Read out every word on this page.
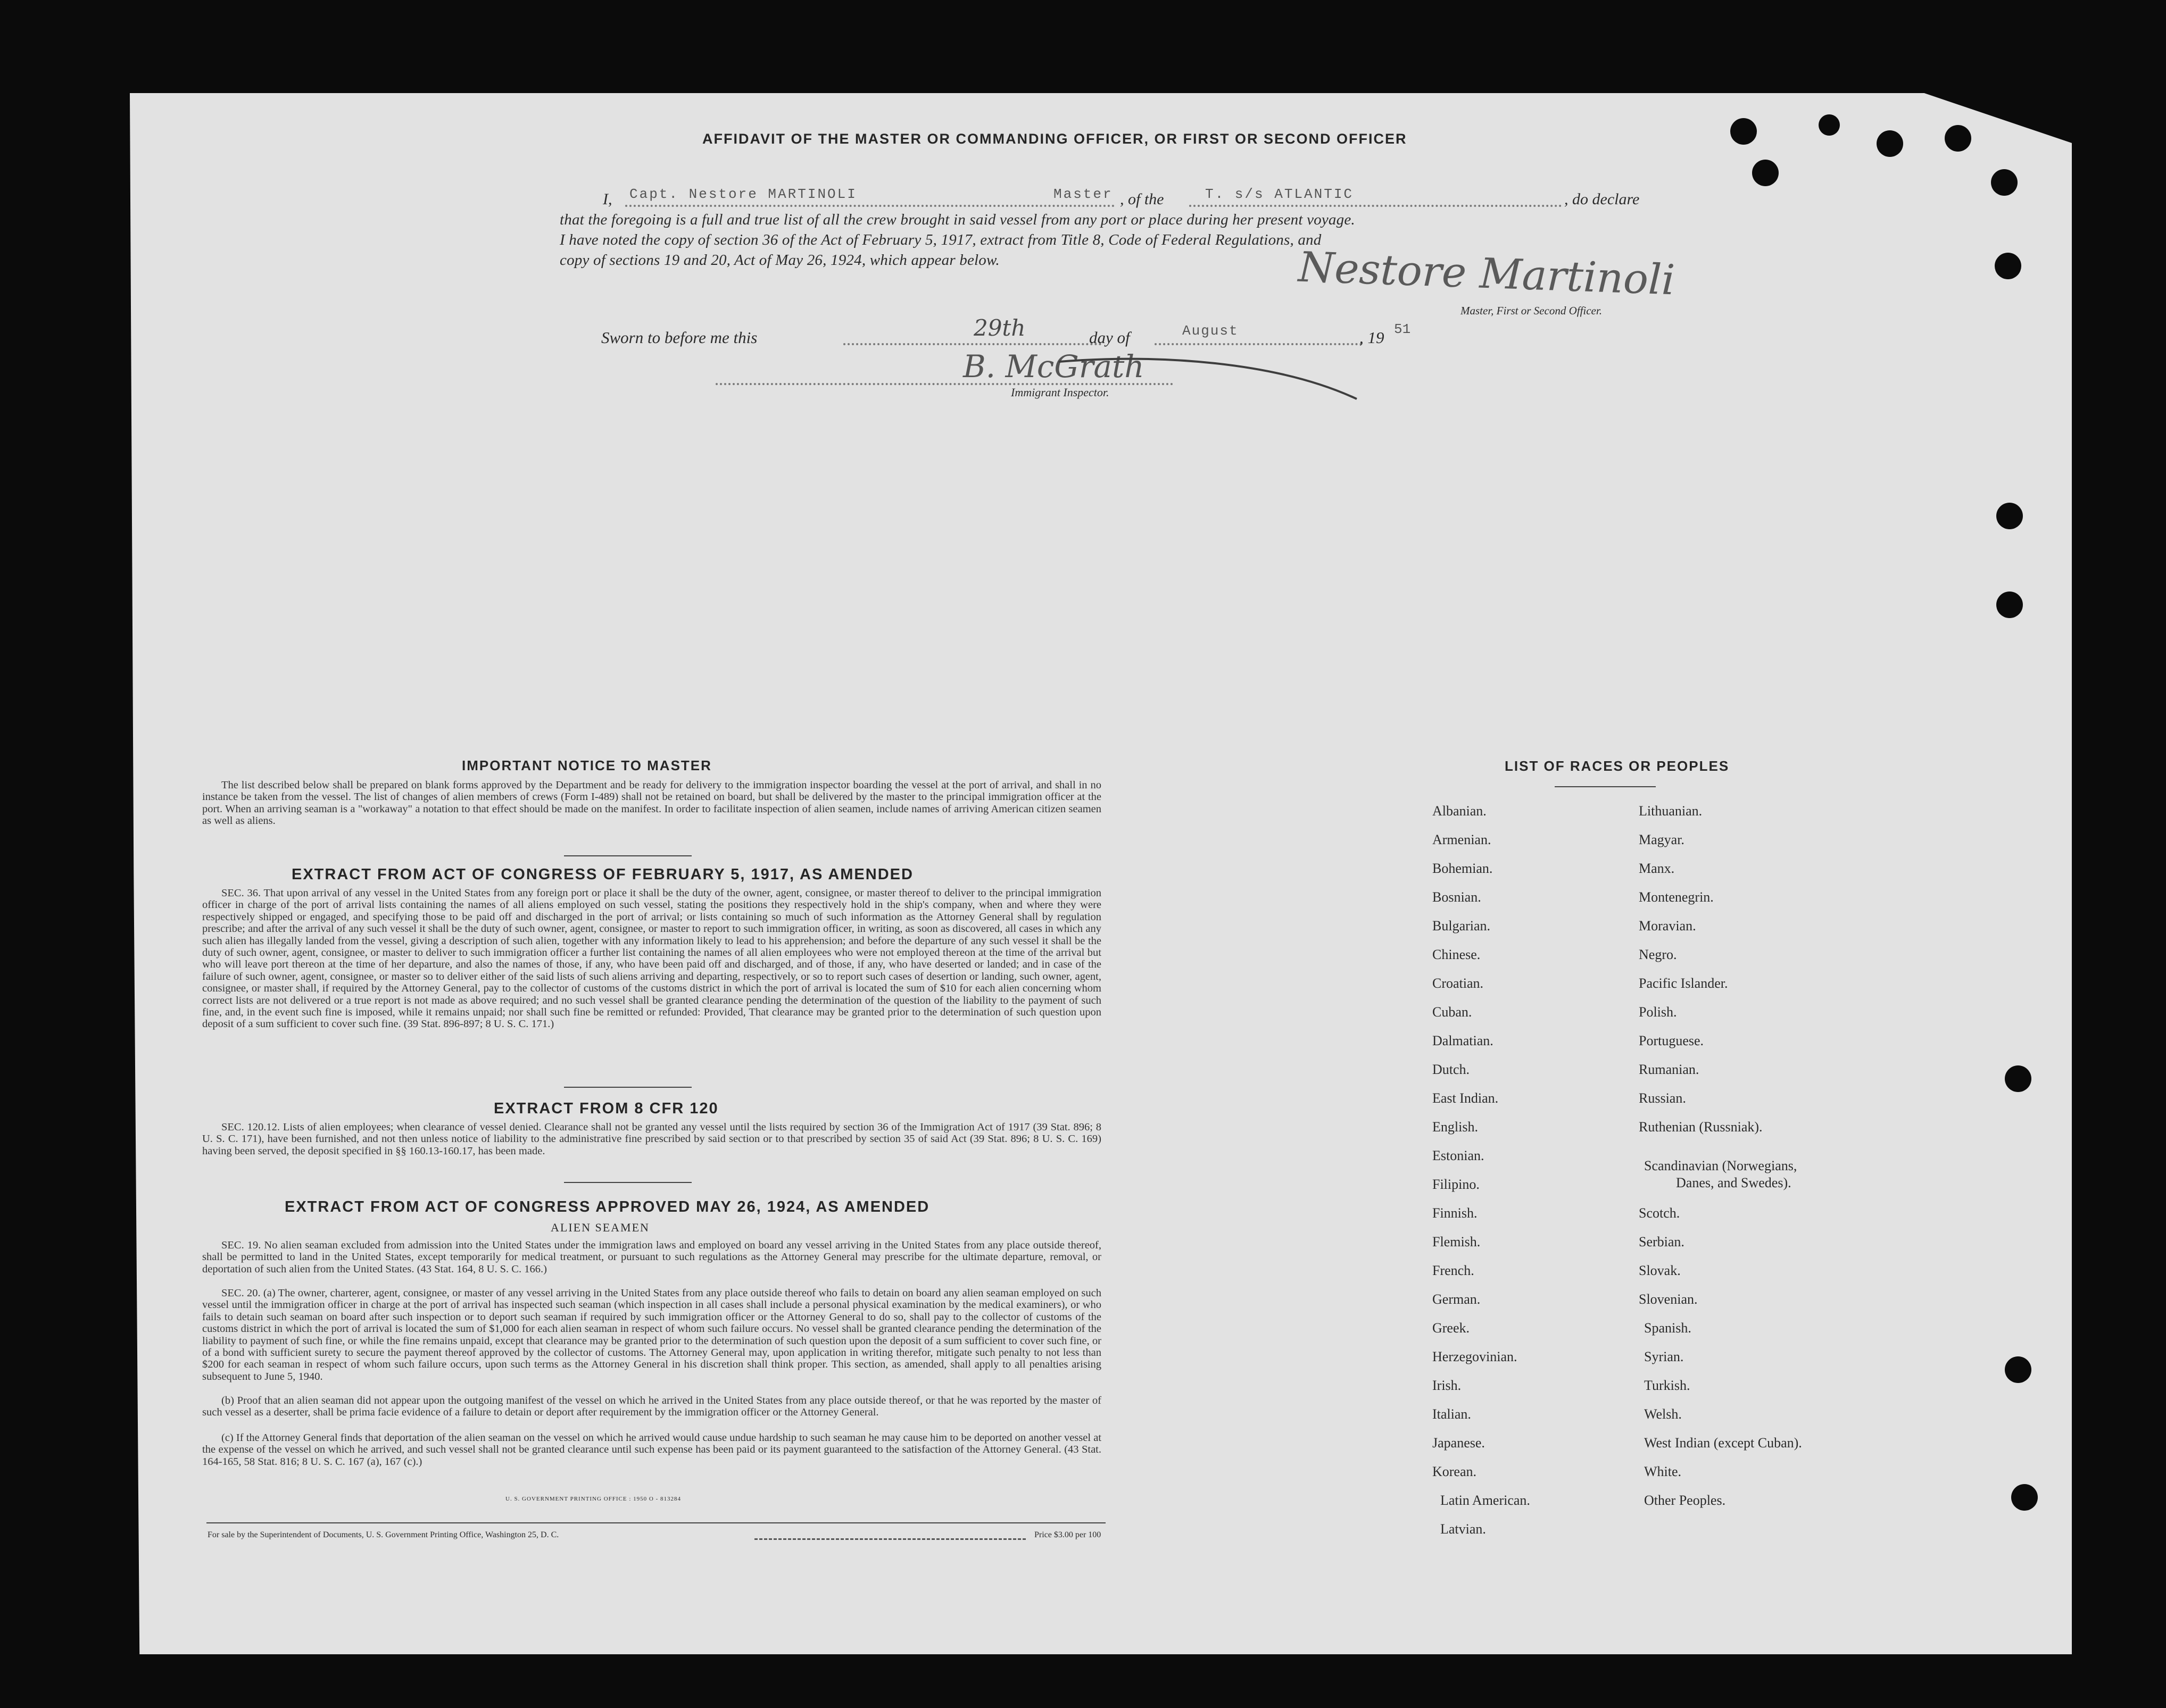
AFFIDAVIT OF THE MASTER OR COMMANDING OFFICER, OR FIRST OR SECOND OFFICER
I, Capt. Nestore MARTINOLI	Master , of the	T. s/s ATLANTIC	, do declare
that the foregoing is a full and true list of all the crew brought in said vessel from any port or place during her present voyage.
I have noted the copy of section 36 of the Act of February 5, 1917, extract from Title 8, Code of Federal Regulations, and
copy of sections 19 and 20, Act of May 26, 1924, which appear below.	Nestore Martinoli
Master, First or Second Officer.
Sworn to before me this	29th	day of	August	, 19 51
B. McGrath
Immigrant Inspector.
IMPORTANT NOTICE TO MASTER
The list described below shall be prepared on blank forms approved by the Department and be ready for delivery to the immigration inspector boarding the vessel at the port of arrival, and shall in no instance be taken from the vessel. The list of changes of alien members of crews (Form I-489) shall not be retained on board, but shall be delivered by the master to the principal immigration officer at the port. When an arriving seaman is a "workaway" a notation to that effect should be made on the manifest. In order to facilitate inspection of alien seamen, include names of arriving American citizen seamen as well as aliens.
EXTRACT FROM ACT OF CONGRESS OF FEBRUARY 5, 1917, AS AMENDED
SEC. 36. That upon arrival of any vessel in the United States from any foreign port or place it shall be the duty of the owner, agent, consignee, or master thereof to deliver to the principal immigration officer in charge of the port of arrival lists containing the names of all aliens employed on such vessel, stating the positions they respectively hold in the ship's company, when and where they were respectively shipped or engaged, and specifying those to be paid off and discharged in the port of arrival; or lists containing so much of such information as the Attorney General shall by regulation prescribe; and after the arrival of any such vessel it shall be the duty of such owner, agent, consignee, or master to report to such immigration officer, in writing, as soon as discovered, all cases in which any such alien has illegally landed from the vessel, giving a description of such alien, together with any information likely to lead to his apprehension; and before the departure of any such vessel it shall be the duty of such owner, agent, consignee, or master to deliver to such immigration officer a further list containing the names of all alien employees who were not employed thereon at the time of the arrival but who will leave port thereon at the time of her departure, and also the names of those, if any, who have been paid off and discharged, and of those, if any, who have deserted or landed; and in case of the failure of such owner, agent, consignee, or master so to deliver either of the said lists of such aliens arriving and departing, respectively, or so to report such cases of desertion or landing, such owner, agent, consignee, or master shall, if required by the Attorney General, pay to the collector of customs of the customs district in which the port of arrival is located the sum of $10 for each alien concerning whom correct lists are not delivered or a true report is not made as above required; and no such vessel shall be granted clearance pending the determination of the question of the liability to the payment of such fine, and, in the event such fine is imposed, while it remains unpaid; nor shall such fine be remitted or refunded: Provided, That clearance may be granted prior to the determination of such question upon deposit of a sum sufficient to cover such fine. (39 Stat. 896-897; 8 U. S. C. 171.)
EXTRACT FROM 8 CFR 120
SEC. 120.12. Lists of alien employees; when clearance of vessel denied. Clearance shall not be granted any vessel until the lists required by section 36 of the Immigration Act of 1917 (39 Stat. 896; 8 U. S. C. 171), have been furnished, and not then unless notice of liability to the administrative fine prescribed by said section or to that prescribed by section 35 of said Act (39 Stat. 896; 8 U. S. C. 169) having been served, the deposit specified in §§ 160.13-160.17, has been made.
EXTRACT FROM ACT OF CONGRESS APPROVED MAY 26, 1924, AS AMENDED
ALIEN SEAMEN
SEC. 19. No alien seaman excluded from admission into the United States under the immigration laws and employed on board any vessel arriving in the United States from any place outside thereof, shall be permitted to land in the United States, except temporarily for medical treatment, or pursuant to such regulations as the Attorney General may prescribe for the ultimate departure, removal, or deportation of such alien from the United States. (43 Stat. 164, 8 U. S. C. 166.)
SEC. 20. (a) The owner, charterer, agent, consignee, or master of any vessel arriving in the United States from any place outside thereof who fails to detain on board any alien seaman employed on such vessel until the immigration officer in charge at the port of arrival has inspected such seaman (which inspection in all cases shall include a personal physical examination by the medical examiners), or who fails to detain such seaman on board after such inspection or to deport such seaman if required by such immigration officer or the Attorney General to do so, shall pay to the collector of customs of the customs district in which the port of arrival is located the sum of $1,000 for each alien seaman in respect of whom such failure occurs. No vessel shall be granted clearance pending the determination of the liability to payment of such fine, or while the fine remains unpaid, except that clearance may be granted prior to the determination of such question upon the deposit of a sum sufficient to cover such fine, or of a bond with sufficient surety to secure the payment thereof approved by the collector of customs. The Attorney General may, upon application in writing therefor, mitigate such penalty to not less than $200 for each seaman in respect of whom such failure occurs, upon such terms as the Attorney General in his discretion shall think proper. This section, as amended, shall apply to all penalties arising subsequent to June 5, 1940.
(b) Proof that an alien seaman did not appear upon the outgoing manifest of the vessel on which he arrived in the United States from any place outside thereof, or that he was reported by the master of such vessel as a deserter, shall be prima facie evidence of a failure to detain or deport after requirement by the immigration officer or the Attorney General.
(c) If the Attorney General finds that deportation of the alien seaman on the vessel on which he arrived would cause undue hardship to such seaman he may cause him to be deported on another vessel at the expense of the vessel on which he arrived, and such vessel shall not be granted clearance until such expense has been paid or its payment guaranteed to the satisfaction of the Attorney General. (43 Stat. 164-165, 58 Stat. 816; 8 U. S. C. 167 (a), 167 (c).)
U. S. GOVERNMENT PRINTING OFFICE : 1950 O - 813284
For sale by the Superintendent of Documents, U. S. Government Printing Office, Washington 25, D. C.	Price $3.00 per 100
LIST OF RACES OR PEOPLES
Albanian.
Armenian.
Bohemian.
Bosnian.
Bulgarian.
Chinese.
Croatian.
Cuban.
Dalmatian.
Dutch.
East Indian.
English.
Estonian.
Filipino.
Finnish.
Flemish.
French.
German.
Greek.
Herzegovinian.
Irish.
Italian.
Japanese.
Korean.
Latin American.
Latvian.
Lithuanian.
Magyar.
Manx.
Montenegrin.
Moravian.
Negro.
Pacific Islander.
Polish.
Portuguese.
Rumanian.
Russian.
Ruthenian (Russniak).
Scandinavian (Norwegians,
Danes, and Swedes).
Scotch.
Serbian.
Slovak.
Slovenian.
Spanish.
Syrian.
Turkish.
Welsh.
West Indian (except Cuban).
White.
Other Peoples.
